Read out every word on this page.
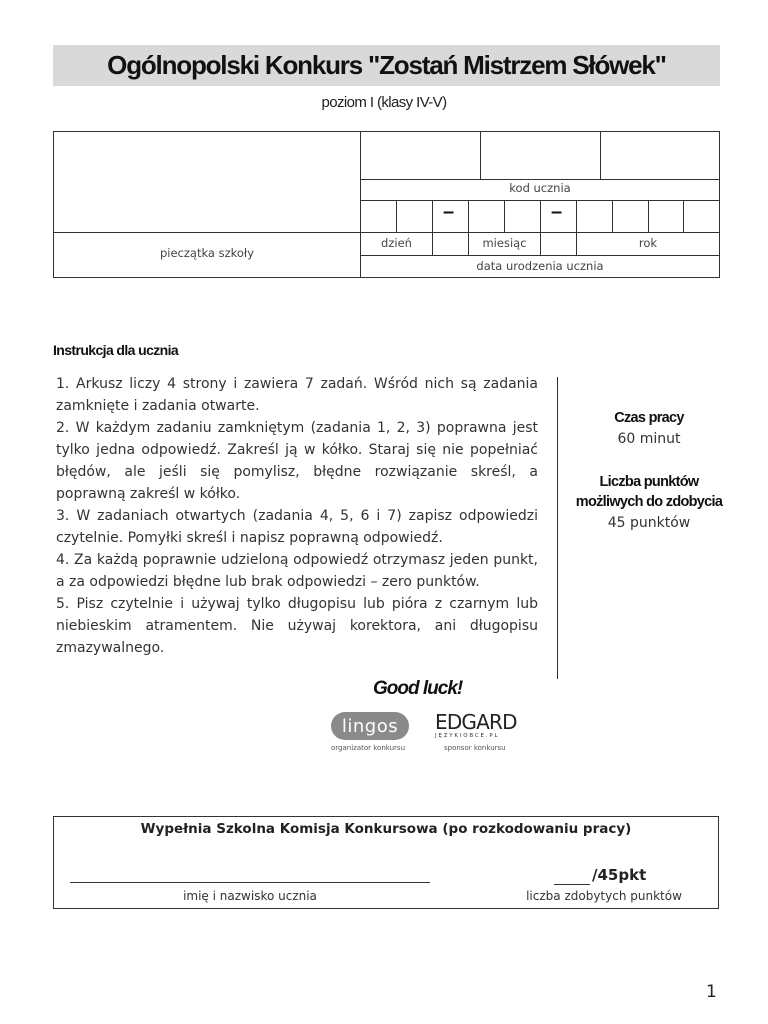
Ogólnopolski Konkurs "Zostań Mistrzem Słówek"
poziom I (klasy IV-V)
pieczątka szkoły
kod ucznia
–	–
dzień	miesiąc	rok
data urodzenia ucznia
Instrukcja dla ucznia
1. Arkusz liczy 4 strony i zawiera 7 zadań. Wśród nich są zadania zamknięte i zadania otwarte.
2. W każdym zadaniu zamkniętym (zadania 1, 2, 3) poprawna jest tylko jedna odpowiedź. Zakreśl ją w kółko. Staraj się nie popełniać błędów, ale jeśli się pomylisz, błędne rozwiązanie skreśl, a poprawną zakreśl w kółko.
3. W zadaniach otwartych (zadania 4, 5, 6 i 7) zapisz odpowiedzi czytelnie. Pomyłki skreśl i napisz poprawną odpowiedź.
4. Za każdą poprawnie udzieloną odpowiedź otrzymasz jeden punkt, a za odpowiedzi błędne lub brak odpowiedzi – zero punktów.
5. Pisz czytelnie i używaj tylko długopisu lub pióra z czarnym lub niebieskim atramentem. Nie używaj korektora, ani długopisu zmazywalnego.
Czas pracy
60 minut
Liczba punktów możliwych do zdobycia
45 punktów
Good luck!
lingos
organizator konkursu
EDGARD
JĘZYKIOBCE.PL
sponsor konkursu
Wypełnia Szkolna Komisja Konkursowa (po rozkodowaniu pracy)
imię i nazwisko ucznia
/45pkt
liczba zdobytych punktów
1
